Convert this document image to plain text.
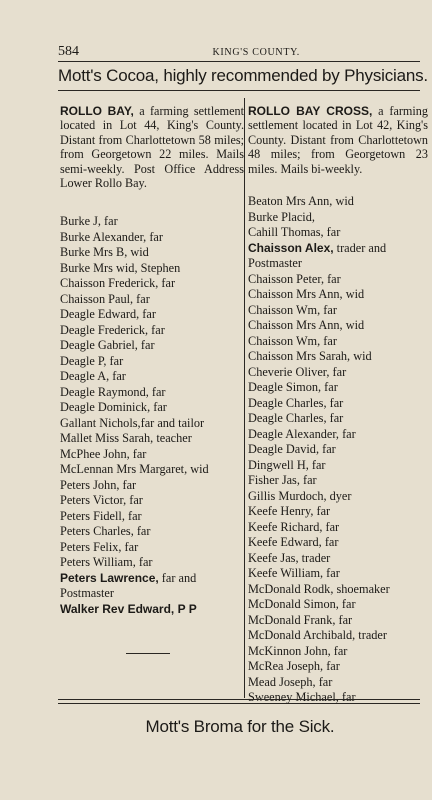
584	KING'S COUNTY.
Mott's Cocoa, highly recommended by Physicians.
ROLLO BAY, a farming settlement located in Lot 44, King's County. Distant from Charlottetown 58 miles; from Georgetown 22 miles. Mails semi-weekly. Post Office Address Lower Rollo Bay.
Burke J, far
Burke Alexander, far
Burke Mrs B, wid
Burke Mrs wid, Stephen
Chaisson Frederick, far
Chaisson Paul, far
Deagle Edward, far
Deagle Frederick, far
Deagle Gabriel, far
Deagle P, far
Deagle A, far
Deagle Raymond, far
Deagle Dominick, far
Gallant Nichols,far and tailor
Mallet Miss Sarah, teacher
McPhee John, far
McLennan Mrs Margaret, wid
Peters John, far
Peters Victor, far
Peters Fidell, far
Peters Charles, far
Peters Felix, far
Peters William, far
Peters Lawrence, far and
Postmaster
Walker Rev Edward, P P
ROLLO BAY CROSS, a farming settlement located in Lot 42, King's County. Distant from Charlottetown 48 miles; from Georgetown 23 miles. Mails bi-weekly.
Beaton Mrs Ann, wid
Burke Placid,
Cahill Thomas, far
Chaisson Alex, trader and
Postmaster
Chaisson Peter, far
Chaisson Mrs Ann, wid
Chaisson Wm, far
Chaisson Mrs Ann, wid
Chaisson Wm, far
Chaisson Mrs Sarah, wid
Cheverie Oliver, far
Deagle Simon, far
Deagle Charles, far
Deagle Charles, far
Deagle Alexander, far
Deagle David, far
Dingwell H, far
Fisher Jas, far
Gillis Murdoch, dyer
Keefe Henry, far
Keefe Richard, far
Keefe Edward, far
Keefe Jas, trader
Keefe William, far
McDonald Rodk, shoemaker
McDonald Simon, far
McDonald Frank, far
McDonald Archibald, trader
McKinnon John, far
McRea Joseph, far
Mead Joseph, far
Sweeney Michael, far
Mott's Broma for the Sick.
